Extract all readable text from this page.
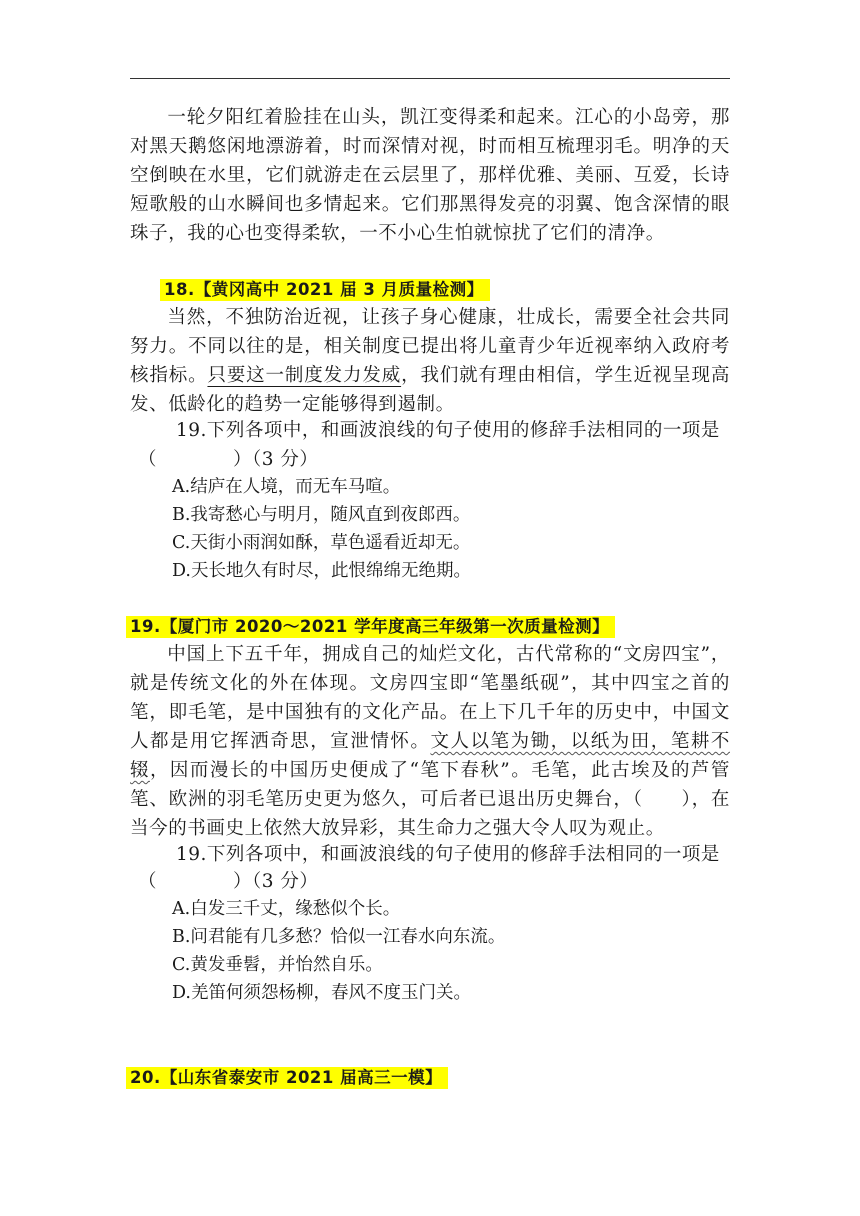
一轮夕阳红着脸挂在山头，凯江变得柔和起来。江心的小岛旁，那对黑天鹅悠闲地漂游着，时而深情对视，时而相互梳理羽毛。明净的天空倒映在水里，它们就游走在云层里了，那样优雅、美丽、互爱，长诗短歌般的山水瞬间也多情起来。它们那黑得发亮的羽翼、饱含深情的眼珠子，我的心也变得柔软，一不小心生怕就惊扰了它们的清净。
18.【黄冈高中 2021 届 3 月质量检测】
当然，不独防治近视，让孩子身心健康，壮成长，需要全社会共同努力。不同以往的是，相关制度已提出将儿童青少年近视率纳入政府考核指标。只要这一制度发力发威，我们就有理由相信，学生近视呈现高发、低龄化的趋势一定能够得到遏制。
19.下列各项中，和画波浪线的句子使用的修辞手法相同的一项是
（　　　　）（3 分）
A.结庐在人境，而无车马喧。
B.我寄愁心与明月，随风直到夜郎西。
C.天街小雨润如酥，草色遥看近却无。
D.天长地久有时尽，此恨绵绵无绝期。
19.【厦门市 2020～2021 学年度高三年级第一次质量检测】
中国上下五千年，拥成自己的灿烂文化，古代常称的“文房四宝”，就是传统文化的外在体现。文房四宝即“笔墨纸砚”，其中四宝之首的笔，即毛笔，是中国独有的文化产品。在上下几千年的历史中，中国文人都是用它挥洒奇思，宣泄情怀。文人以笔为锄，以纸为田，笔耕不辍，因而漫长的中国历史便成了“笔下春秋”。毛笔，此古埃及的芦管笔、欧洲的羽毛笔历史更为悠久，可后者已退出历史舞台，（　　），在当今的书画史上依然大放异彩，其生命力之强大令人叹为观止。
19.下列各项中，和画波浪线的句子使用的修辞手法相同的一项是
（　　　　）（3 分）
A.白发三千丈，缘愁似个长。
B.问君能有几多愁？恰似一江春水向东流。
C.黄发垂髫，并怡然自乐。
D.羌笛何须怨杨柳，春风不度玉门关。
20.【山东省泰安市 2021 届高三一模】
